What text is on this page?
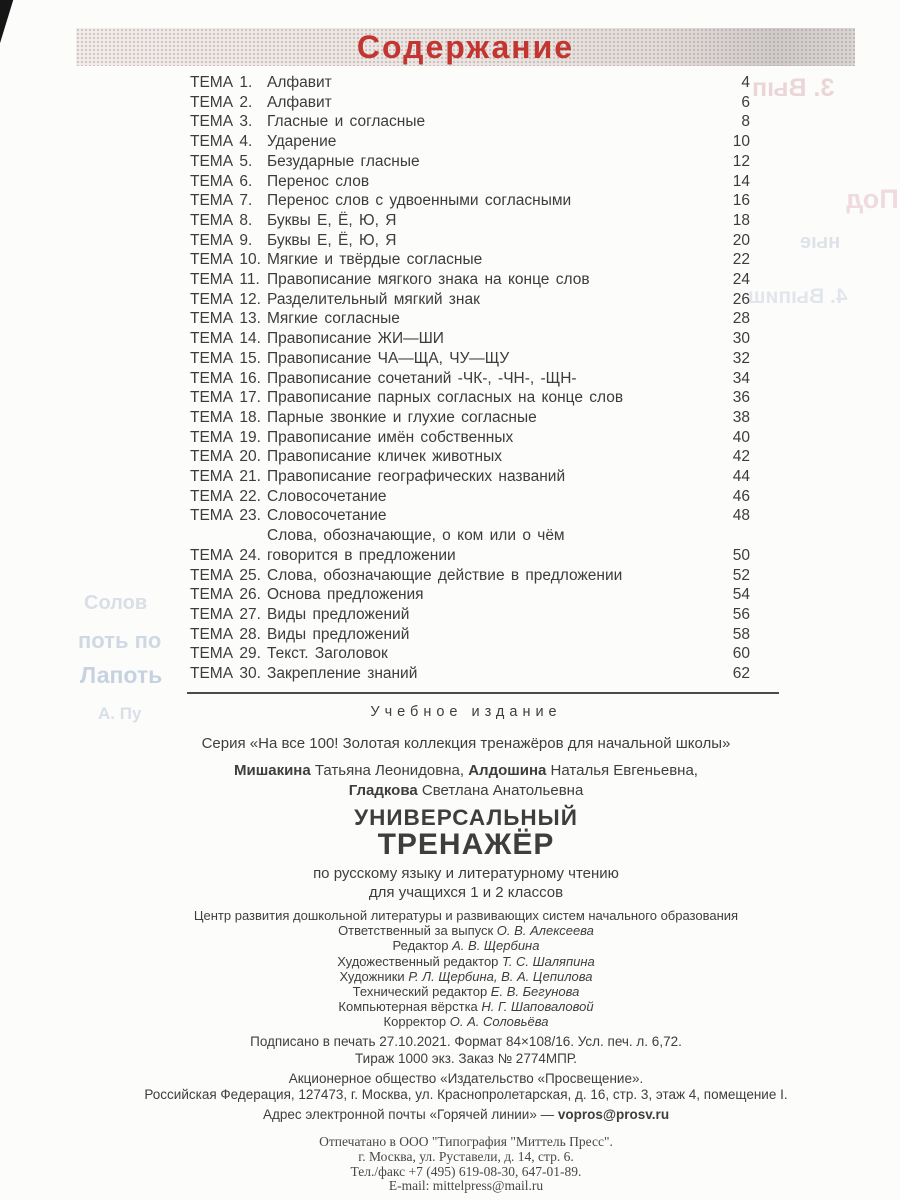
3. Вып
Под
ные
4. Выпиш
Солов
поть по
Лапоть
А. Пу
Содержание
ТЕМА 1. Алфавит	4
ТЕМА 2. Алфавит	6
ТЕМА 3. Гласные и согласные	8
ТЕМА 4. Ударение	10
ТЕМА 5. Безударные гласные	12
ТЕМА 6. Перенос слов	14
ТЕМА 7. Перенос слов с удвоенными согласными	16
ТЕМА 8. Буквы Е, Ё, Ю, Я	18
ТЕМА 9. Буквы Е, Ё, Ю, Я	20
ТЕМА 10. Мягкие и твёрдые согласные	22
ТЕМА 11. Правописание мягкого знака на конце слов	24
ТЕМА 12. Разделительный мягкий знак	26
ТЕМА 13. Мягкие согласные	28
ТЕМА 14. Правописание ЖИ—ШИ	30
ТЕМА 15. Правописание ЧА—ЩА, ЧУ—ЩУ	32
ТЕМА 16. Правописание сочетаний -ЧК-, -ЧН-, -ЩН-	34
ТЕМА 17. Правописание парных согласных на конце слов	36
ТЕМА 18. Парные звонкие и глухие согласные	38
ТЕМА 19. Правописание имён собственных	40
ТЕМА 20. Правописание кличек животных	42
ТЕМА 21. Правописание географических названий	44
ТЕМА 22. Словосочетание	46
ТЕМА 23. Словосочетание	48
ТЕМА 24.
Слова, обозначающие, о ком или о чём
говорится в предложении	50
ТЕМА 25. Слова, обозначающие действие в предложении	52
ТЕМА 26. Основа предложения	54
ТЕМА 27. Виды предложений	56
ТЕМА 28. Виды предложений	58
ТЕМА 29. Текст. Заголовок	60
ТЕМА 30. Закрепление знаний	62
Учебное издание
Серия «На все 100! Золотая коллекция тренажёров для начальной школы»
Мишакина Татьяна Леонидовна, Алдошина Наталья Евгеньевна,
Гладкова Светлана Анатольевна
УНИВЕРСАЛЬНЫЙ
ТРЕНАЖЁР
по русскому языку и литературному чтению
для учащихся 1 и 2 классов
Центр развития дошкольной литературы и развивающих систем начального образования
Ответственный за выпуск О. В. Алексеева
Редактор А. В. Щербина
Художественный редактор Т. С. Шаляпина
Художники Р. Л. Щербина, В. А. Цепилова
Технический редактор Е. В. Бегунова
Компьютерная вёрстка Н. Г. Шаповаловой
Корректор О. А. Соловьёва
Подписано в печать 27.10.2021. Формат 84×108/16. Усл. печ. л. 6,72.
Тираж 1000 экз. Заказ № 2774МПР.
Акционерное общество «Издательство «Просвещение».
Российская Федерация, 127473, г. Москва, ул. Краснопролетарская, д. 16, стр. 3, этаж 4, помещение I.
Адрес электронной почты «Горячей линии» — vopros@prosv.ru
Отпечатано в ООО "Типография "Миттель Пресс".
г. Москва, ул. Руставели, д. 14, стр. 6.
Тел./факс +7 (495) 619-08-30, 647-01-89.
E-mail: mittelpress@mail.ru
